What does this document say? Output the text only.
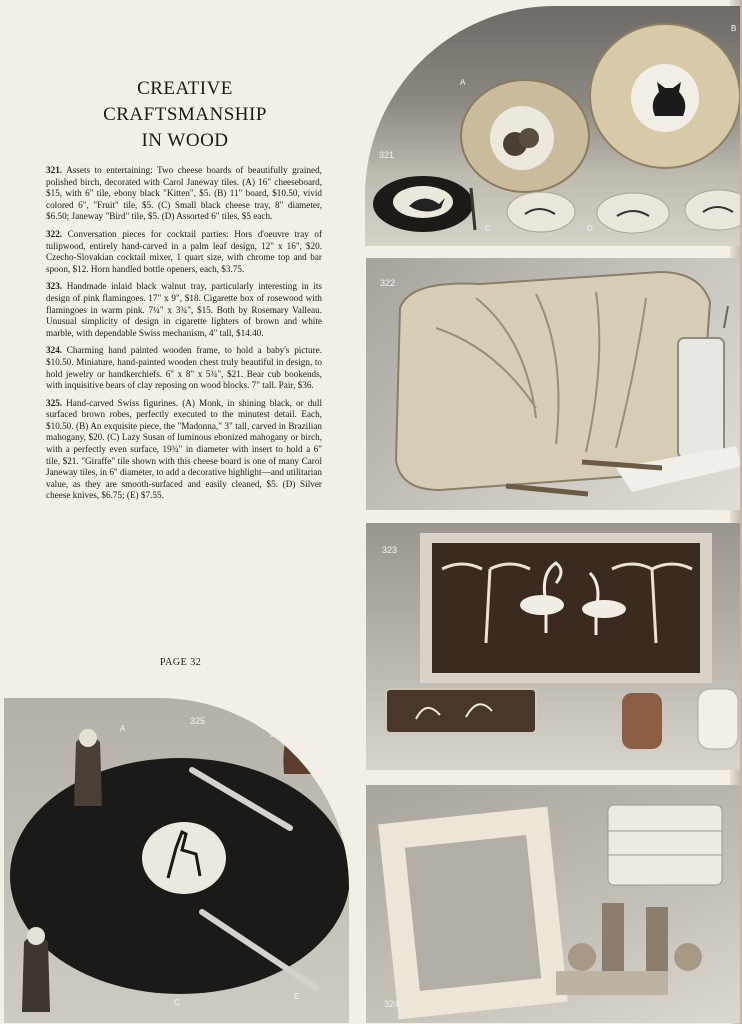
CREATIVE
CRAFTSMANSHIP
IN WOOD

321. Assets to entertaining: Two cheese boards of beautifully grained, polished birch, decorated with Carol Janeway tiles. (A) 16" cheeseboard, $15, with 6" tile, ebony black "Kitten", $5. (B) 11" board, $10.50, vivid colored 6", "Fruit" tile, $5. (C) Small black cheese tray, 8" diameter, $6.50; Janeway "Bird" tile, $5. (D) Assorted 6" tiles, $5 each.

322. Conversation pieces for cocktail parties: Hors d'oeuvre tray of tulipwood, entirely hand-carved in a palm leaf design, 12" x 16", $20. Czecho-Slovakian cocktail mixer, 1 quart size, with chrome top and bar spoon, $12. Horn handled bottle openers, each, $3.75.

323. Handmade inlaid black walnut tray, particularly interesting in its design of pink flamingoes. 17" x 9", $18. Cigarette box of rosewood with flamingoes in warm pink. 7¼" x 3¾", $15. Both by Rosemary Valleau. Unusual simplicity of design in cigarette lighters of brown and white marble, with dependable Swiss mechanism, 4" tall, $14.40.

324. Charming hand painted wooden frame, to hold a baby's picture. $10.50. Miniature, hand-painted wooden chest truly beautiful in design, to hold jewelry or handkerchiefs. 6" x 8" x 5¾", $21. Bear cub bookends, with inquisitive bears of clay reposing on wood blocks. 7" tall. Pair, $36.

325. Hand-carved Swiss figurines. (A) Monk, in shining black, or dull surfaced brown robes, perfectly executed to the minutest detail. Each, $10.50. (B) An exquisite piece, the "Madonna," 3" tall, carved in Brazilian mahogany, $20. (C) Lazy Susan of luminous ebonized mahogany or birch, with a perfectly even surface, 19¾" in diameter with insert to hold a 6" tile, $21. "Giraffe" tile shown with this cheese board is one of many Carol Janeway tiles, in 6" diameter, to add a decorative highlight—and utilitarian value, as they are smooth-surfaced and easily cleaned, $5. (D) Silver cheese knives, $6.75; (E) $7.55.

PAGE 32
321
A
B
C	D
322
323
324
325
A
B
C
D
E
